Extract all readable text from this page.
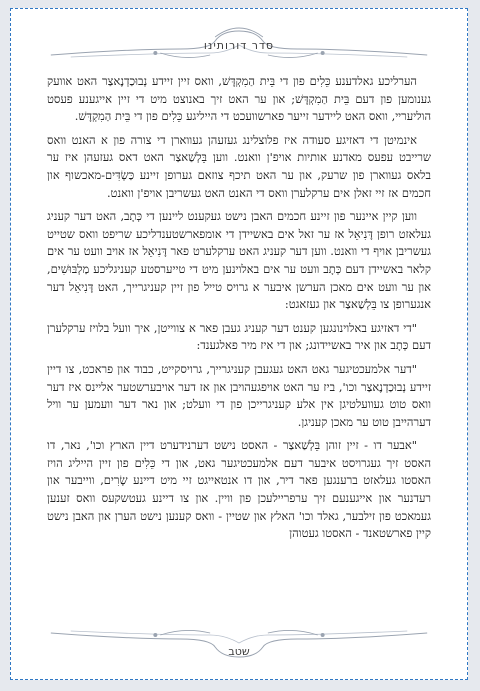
סדר דורותינו

הערליכע גאלדענע כֵּלִים פון די בֵּית הַמִקְדָּשׁ, וואס זיין זיידע נְבוּכַדְנֶאצַר האט אוועק גענומען פון דעם בֵּית הַמִקְדָּשׁ; און ער האט זיך באנוצט מיט די זיין אייגענע פעסט הוליעריי, וואס האט ליידער זייער פארשוועכט די הייליגע כֵּלִים פון די בֵּית הַמִקְדָּשׁ.

אינמיטן די דאזיגע סעודה איז פלוצלינג געזעהן געווארן די צורה פון א האנט וואס שרייבט עפעס מאדנע אותיות אויפ'ן וואנט. ווען בֵּלְשַׁאצַר האט דאס געזעהן איז ער בלאס געווארן פון שרעק, און ער האט תיכף צוזאם גערופן זיינע כַּשְׂדִּים-מאכשוף און חכמים אז זיי זאלן אים ערקלערן וואס די האנט האט געשריבן אויפ'ן וואנט.

ווען קיין איינער פון זיינע חכמים האבן נישט געקענט ליינען די כְּתָב, האט דער קעניג געלאזט רופן דָּנִיאֵל אז ער זאל אים באשיידן די אומפארשטענדליכע שריפט וואס שטייט געשריבן אויף די וואנט. ווען דער קעניג האט ערקלערט פאר דָּנִיאֵל אז אויב וועט ער אים קלאר באשיידן דעם כְּתָב וועט ער אים באלוינען מיט די טייערסטע קעניגליכע מַלְבּוּשִׁים, און ער וועט אים מאכן הערשן איבער א גרויס טייל פון זיין קעניגרייך, האט דָּנִיאֵל דער אנגערופן צו בֵּלְשַׁאצַר און געזאגט:

"די דאזיגע באלוינונגען קענט דער קעניג געבן פאר א צווייטן, איך וועל בלויז ערקלערן דעם כְּתָב און איר באשיידונג; און די איז מיר פאלגענד:

"דער אלמעכטיגער גאט האט געגעבן קעניגרייך, גרויסקייט, כבוד און פראכט, צו דיין זיידע נְבוּכַדְנֶאצַר וכו', ביז ער האט אויפגעהויבן און אז דער אויבערשטער אליינס איז דער וואס טוט געוועלטיגן אין אלע קעניגרייכן פון די וועלט; און נאר דער וועמען ער וויל דערהייבן טוט ער מאכן קעניגן.

"אבער דו - זיין זוהן בֵּלְשַׁאצַר - האסט נישט דערנידערט דיין הארץ וכו', נאר, דו האסט זיך געגרויסט איבער דעם אלמעכטיגער גאט, און די כֵּלִים פון זיין הייליג הויז האסטו געלאזט ברענגען פאר דיר, און דו אנטאייגט זיי מיט דיינע שָׂרִים, ווייבער און רעדנער און אייגענעם זיך ערפריילעכן פון וויין. און צו דיינע געטשקעס וואס זענען געמאכט פון זילבער, גאלד וכו' האלץ און שטיין - וואס קענען נישט הערן און האבן נישט קיין פארשטאנד - האסטו געטוהן

שטב
